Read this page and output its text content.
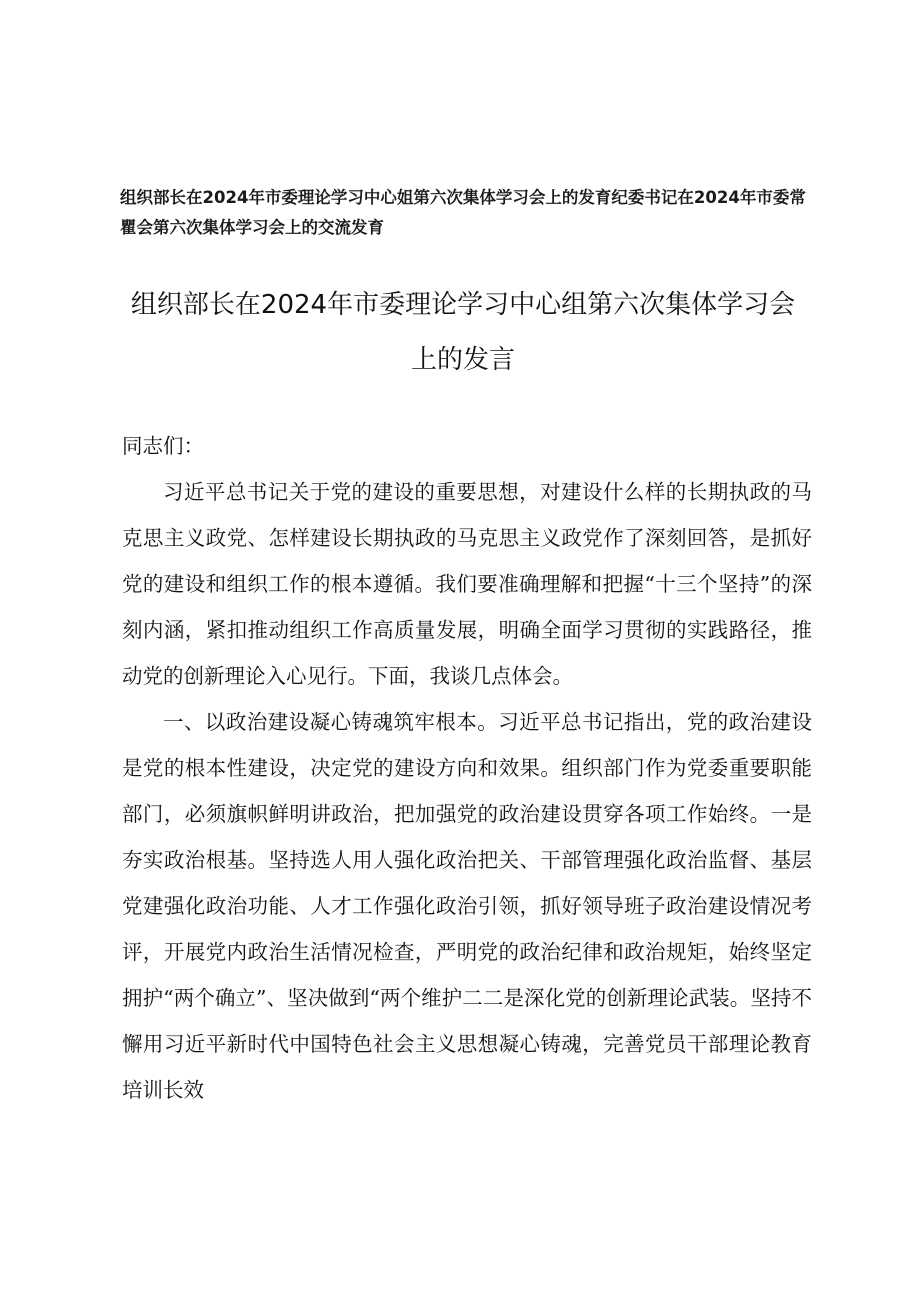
组织部长在2024年市委理论学习中心姐第六次集体学习会上的发育纪委书记在2024年市委常瞿会第六次集体学习会上的交流发育
组织部长在2024年市委理论学习中心组第六次集体学习会上的发言

同志们：

习近平总书记关于党的建设的重要思想，对建设什么样的长期执政的马克思主义政党、怎样建设长期执政的马克思主义政党作了深刻回答，是抓好党的建设和组织工作的根本遵循。我们要准确理解和把握“十三个坚持”的深刻内涵，紧扣推动组织工作高质量发展，明确全面学习贯彻的实践路径，推动党的创新理论入心见行。下面，我谈几点体会。

一、以政治建设凝心铸魂筑牢根本。习近平总书记指出，党的政治建设是党的根本性建设，决定党的建设方向和效果。组织部门作为党委重要职能部门，必须旗帜鲜明讲政治，把加强党的政治建设贯穿各项工作始终。一是夯实政治根基。坚持选人用人强化政治把关、干部管理强化政治监督、基层党建强化政治功能、人才工作强化政治引领，抓好领导班子政治建设情况考评，开展党内政治生活情况检查，严明党的政治纪律和政治规矩，始终坚定拥护“两个确立”、坚决做到“两个维护二二是深化党的创新理论武装。坚持不懈用习近平新时代中国特色社会主义思想凝心铸魂，完善党员干部理论教育培训长效
